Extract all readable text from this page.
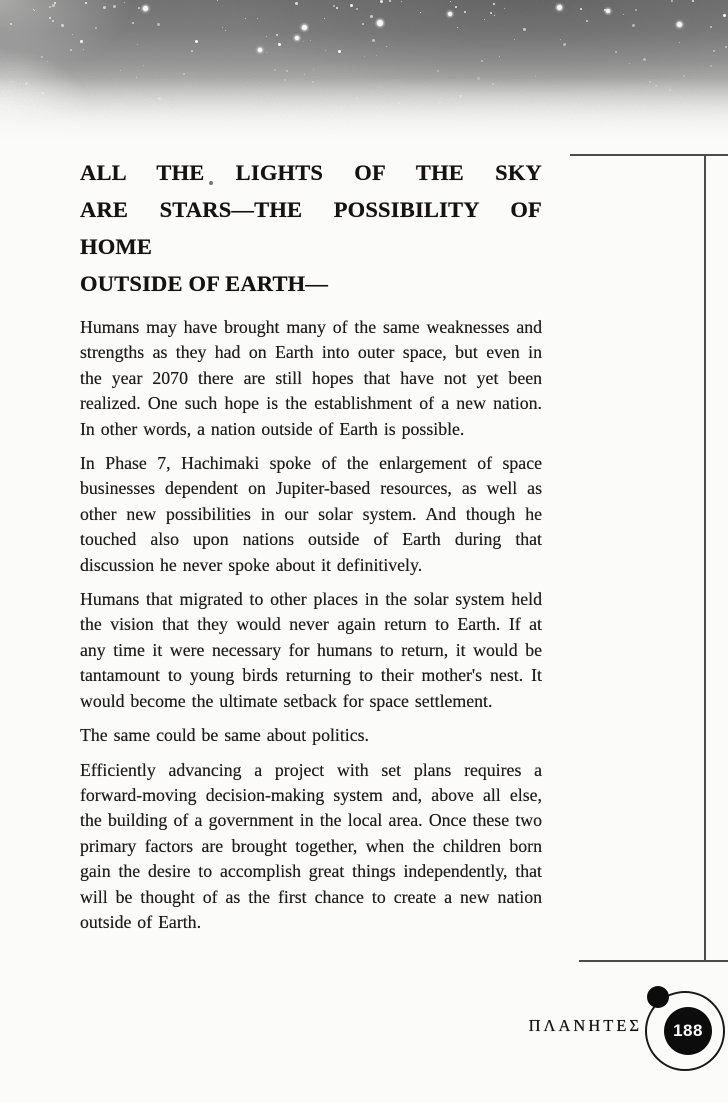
ALL THE LIGHTS OF THE SKY
ARE STARS—THE POSSIBILITY OF HOME
OUTSIDE OF EARTH—

Humans may have brought many of the same weaknesses and strengths as they had on Earth into outer space, but even in the year 2070 there are still hopes that have not yet been realized. One such hope is the establishment of a new nation. In other words, a nation outside of Earth is possible.

In Phase 7, Hachimaki spoke of the enlargement of space businesses dependent on Jupiter-based resources, as well as other new possibilities in our solar system. And though he touched also upon nations outside of Earth during that discussion he never spoke about it definitively.

Humans that migrated to other places in the solar system held the vision that they would never again return to Earth. If at any time it were necessary for humans to return, it would be tantamount to young birds returning to their mother's nest. It would become the ultimate setback for space settlement.

The same could be same about politics.

Efficiently advancing a project with set plans requires a forward-moving decision-making system and, above all else, the building of a government in the local area. Once these two primary factors are brought together, when the children born gain the desire to accomplish great things independently, that will be thought of as the first chance to create a new nation outside of Earth.

ΠΛΑΝΗΤΕΣ 188
